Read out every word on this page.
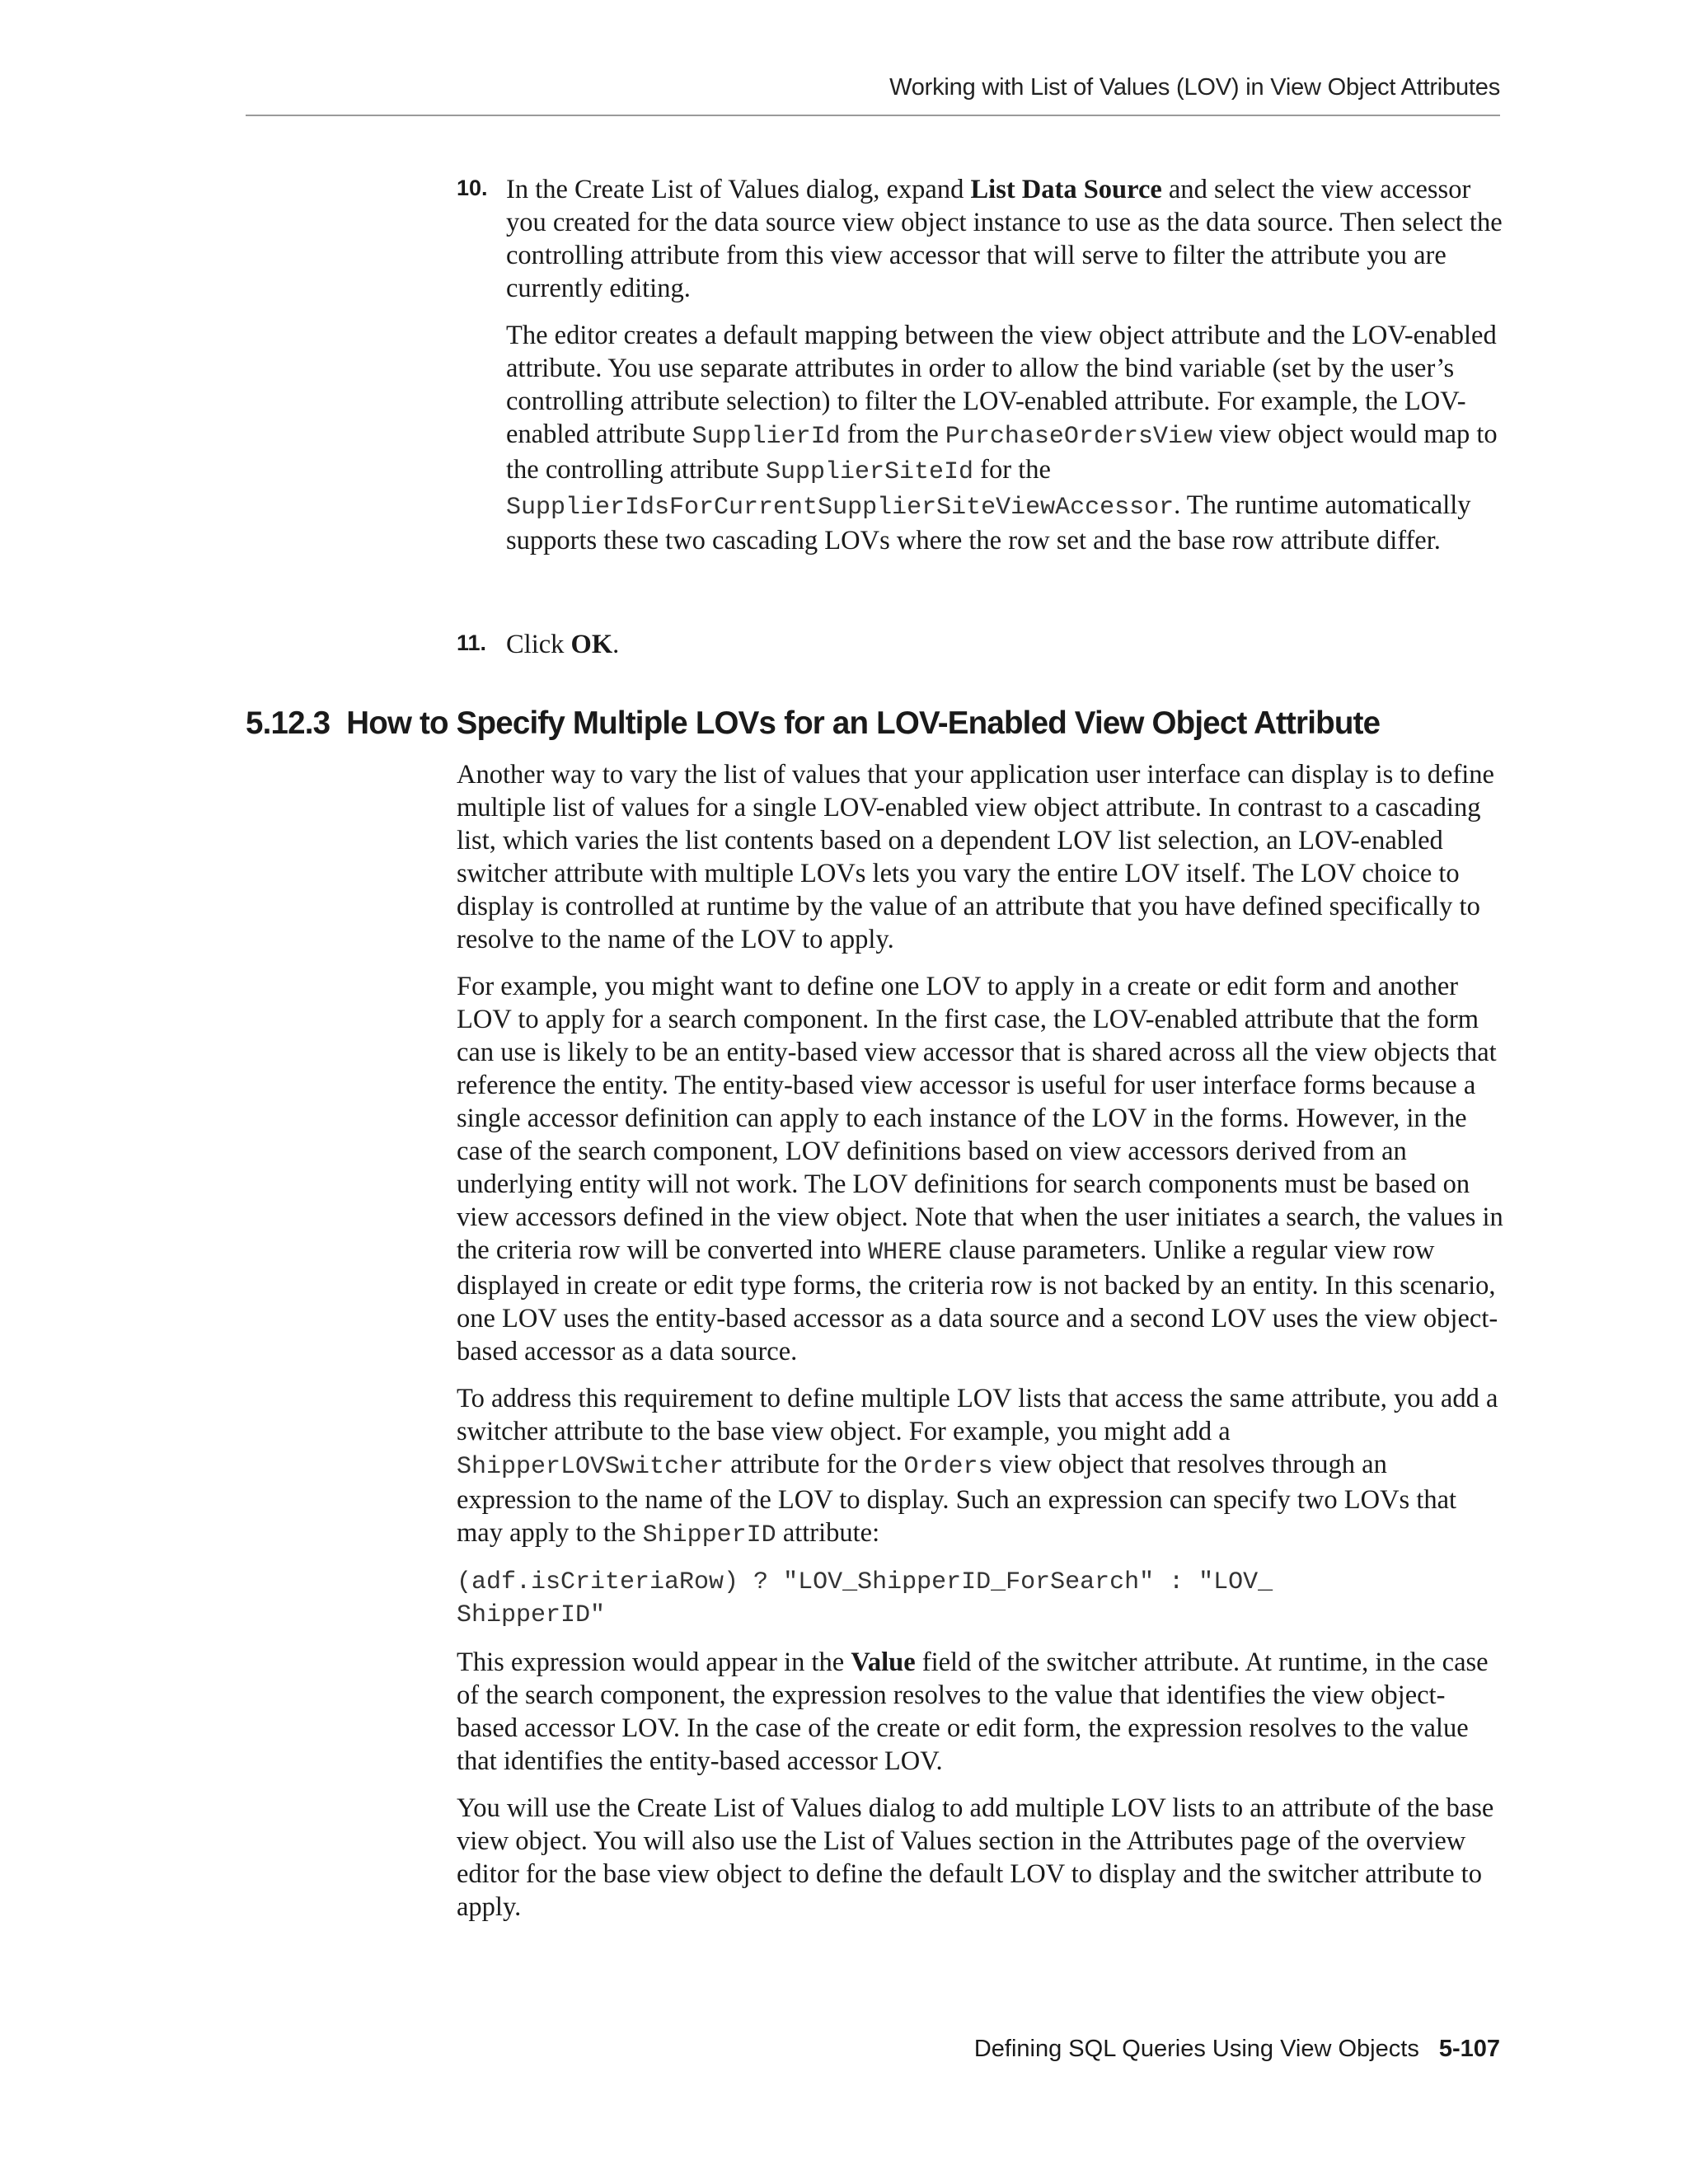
Working with List of Values (LOV) in View Object Attributes
10. In the Create List of Values dialog, expand List Data Source and select the view accessor you created for the data source view object instance to use as the data source. Then select the controlling attribute from this view accessor that will serve to filter the attribute you are currently editing.

The editor creates a default mapping between the view object attribute and the LOV-enabled attribute. You use separate attributes in order to allow the bind variable (set by the user’s controlling attribute selection) to filter the LOV-enabled attribute. For example, the LOV-enabled attribute SupplierId from the PurchaseOrdersView view object would map to the controlling attribute SupplierSiteId for the SupplierIdsForCurrentSupplierSiteViewAccessor. The runtime automatically supports these two cascading LOVs where the row set and the base row attribute differ.

11. Click OK.

5.12.3 How to Specify Multiple LOVs for an LOV-Enabled View Object Attribute

Another way to vary the list of values that your application user interface can display is to define multiple list of values for a single LOV-enabled view object attribute. In contrast to a cascading list, which varies the list contents based on a dependent LOV list selection, an LOV-enabled switcher attribute with multiple LOVs lets you vary the entire LOV itself. The LOV choice to display is controlled at runtime by the value of an attribute that you have defined specifically to resolve to the name of the LOV to apply.

For example, you might want to define one LOV to apply in a create or edit form and another LOV to apply for a search component. In the first case, the LOV-enabled attribute that the form can use is likely to be an entity-based view accessor that is shared across all the view objects that reference the entity. The entity-based view accessor is useful for user interface forms because a single accessor definition can apply to each instance of the LOV in the forms. However, in the case of the search component, LOV definitions based on view accessors derived from an underlying entity will not work. The LOV definitions for search components must be based on view accessors defined in the view object. Note that when the user initiates a search, the values in the criteria row will be converted into WHERE clause parameters. Unlike a regular view row displayed in create or edit type forms, the criteria row is not backed by an entity. In this scenario, one LOV uses the entity-based accessor as a data source and a second LOV uses the view object-based accessor as a data source.

To address this requirement to define multiple LOV lists that access the same attribute, you add a switcher attribute to the base view object. For example, you might add a ShipperLOVSwitcher attribute for the Orders view object that resolves through an expression to the name of the LOV to display. Such an expression can specify two LOVs that may apply to the ShipperID attribute:

(adf.isCriteriaRow) ? "LOV_ShipperID_ForSearch" : "LOV_
ShipperID"

This expression would appear in the Value field of the switcher attribute. At runtime, in the case of the search component, the expression resolves to the value that identifies the view object-based accessor LOV. In the case of the create or edit form, the expression resolves to the value that identifies the entity-based accessor LOV.

You will use the Create List of Values dialog to add multiple LOV lists to an attribute of the base view object. You will also use the List of Values section in the Attributes page of the overview editor for the base view object to define the default LOV to display and the switcher attribute to apply.

Defining SQL Queries Using View Objects 5-107
